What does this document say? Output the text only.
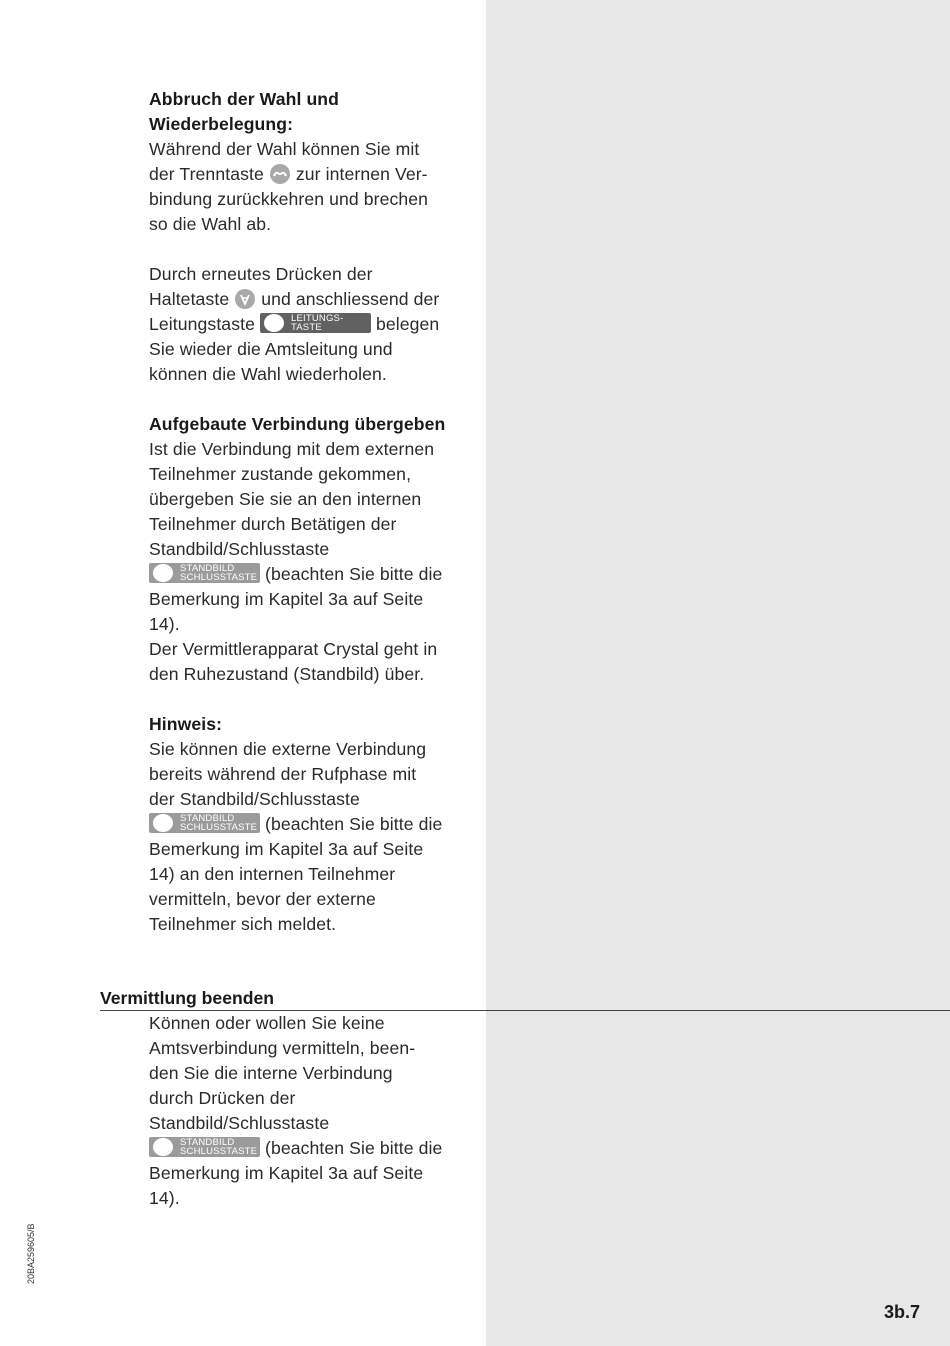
Abbruch der Wahl und Wiederbelegung:

Während der Wahl können Sie mit
der Trenntaste zur internen Ver-
bindung zurückkehren und brechen
so die Wahl ab.

Durch erneutes Drücken der
Haltetaste und anschliessend der
Leitungstaste	LEITUNGS-
TASTE	belegen
Sie wieder die Amtsleitung und
können die Wahl wiederholen.

Aufgebaute Verbindung übergeben

Ist die Verbindung mit dem externen
Teilnehmer zustande gekommen,
übergeben Sie sie an den internen
Teilnehmer durch Betätigen der
Standbild/Schlusstaste

STANDBILD
SCHLUSSTASTE (beachten Sie bitte die
Bemerkung im Kapitel 3a auf Seite
14).
Der Vermittlerapparat Crystal geht in
den Ruhezustand (Standbild) über.

Hinweis:

Sie können die externe Verbindung
bereits während der Rufphase mit
der Standbild/Schlusstaste

STANDBILD
SCHLUSSTASTE (beachten Sie bitte die
Bemerkung im Kapitel 3a auf Seite
14) an den internen Teilnehmer
vermitteln, bevor der externe
Teilnehmer sich meldet.

Vermittlung beenden

Können oder wollen Sie keine
Amtsverbindung vermitteln, been-
den Sie die interne Verbindung
durch Drücken der
Standbild/Schlusstaste

STANDBILD
SCHLUSSTASTE (beachten Sie bitte die
Bemerkung im Kapitel 3a auf Seite
14).

20BA259605/B
3b.7
